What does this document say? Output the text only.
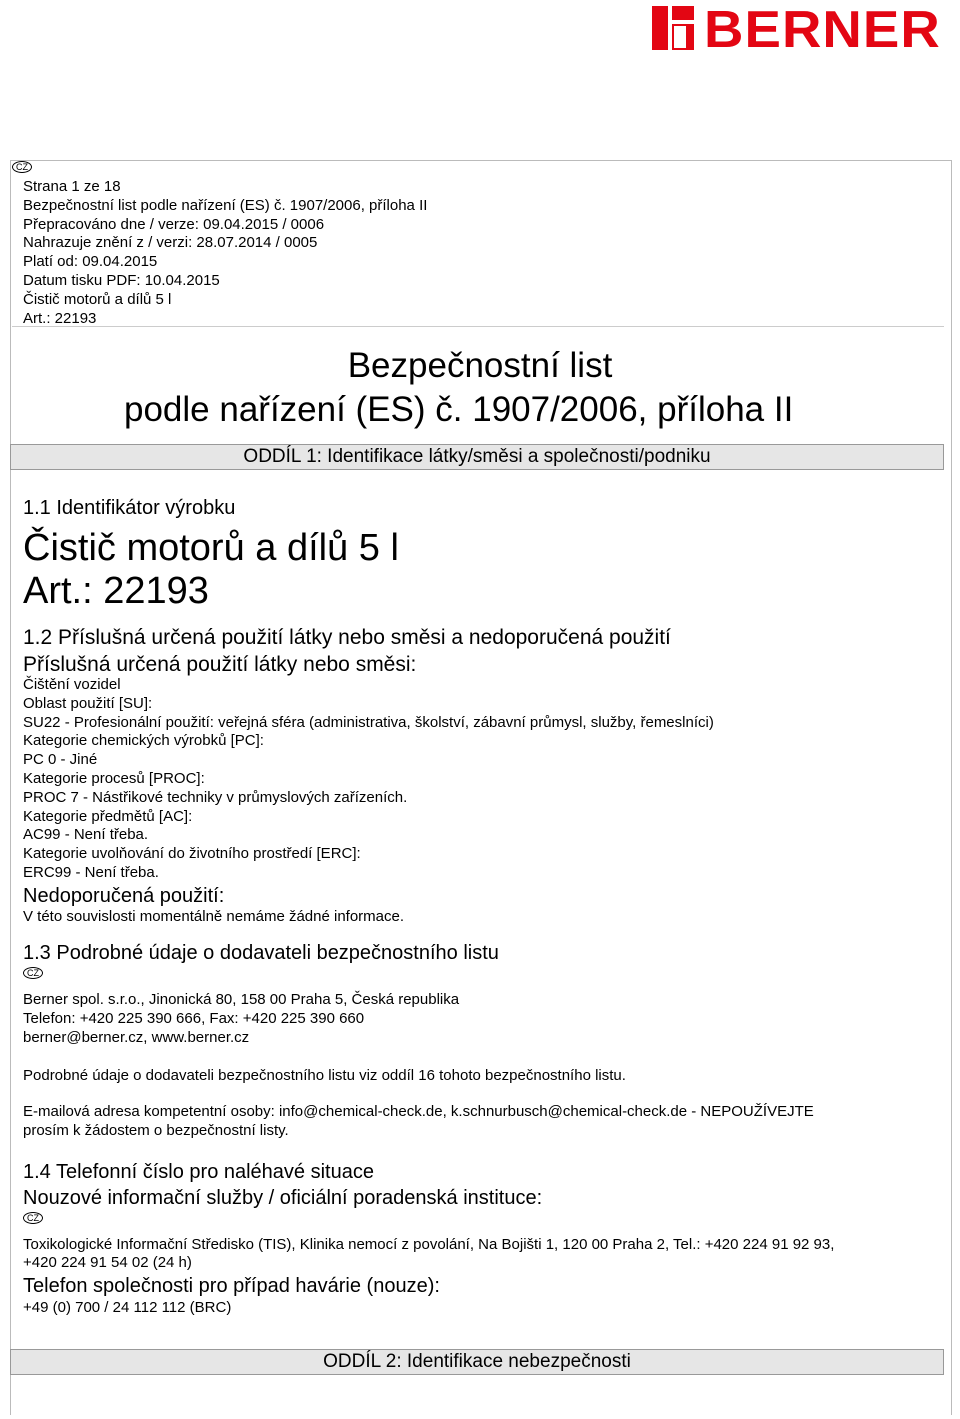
BERNER
CZ
Strana 1 ze 18
Bezpečnostní list podle nařízení (ES) č. 1907/2006, příloha II
Přepracováno dne / verze: 09.04.2015 / 0006
Nahrazuje znění z / verzi: 28.07.2014 / 0005
Platí od: 09.04.2015
Datum tisku PDF: 10.04.2015
Čistič motorů a dílů 5 l
Art.: 22193
Bezpečnostní list
podle nařízení (ES) č. 1907/2006, příloha II
ODDÍL 1: Identifikace látky/směsi a společnosti/podniku
1.1 Identifikátor výrobku
Čistič motorů a dílů 5 l
Art.: 22193
1.2 Příslušná určená použití látky nebo směsi a nedoporučená použití
Příslušná určená použití látky nebo směsi:
Čištění vozidel
Oblast použití [SU]:
SU22 - Profesionální použití: veřejná sféra (administrativa, školství, zábavní průmysl, služby, řemeslníci)
Kategorie chemických výrobků [PC]:
PC 0 - Jiné
Kategorie procesů [PROC]:
PROC 7 - Nástřikové techniky v průmyslových zařízeních.
Kategorie předmětů [AC]:
AC99 - Není třeba.
Kategorie uvolňování do životního prostředí [ERC]:
ERC99 - Není třeba.
Nedoporučená použití:
V této souvislosti momentálně nemáme žádné informace.
1.3 Podrobné údaje o dodavateli bezpečnostního listu
CZ
Berner spol. s.r.o., Jinonická 80, 158 00 Praha 5, Česká republika
Telefon: +420 225 390 666, Fax: +420 225 390 660
berner@berner.cz, www.berner.cz
Podrobné údaje o dodavateli bezpečnostního listu viz oddíl 16 tohoto bezpečnostního listu.
E-mailová adresa kompetentní osoby: info@chemical-check.de, k.schnurbusch@chemical-check.de - NEPOUŽÍVEJTE
prosím k žádostem o bezpečnostní listy.
1.4 Telefonní číslo pro naléhavé situace
Nouzové informační služby / oficiální poradenská instituce:
CZ
Toxikologické Informační Středisko (TIS), Klinika nemocí z povolání, Na Bojišti 1, 120 00 Praha 2, Tel.: +420 224 91 92 93,
+420 224 91 54 02 (24 h)
Telefon společnosti pro případ havárie (nouze):
+49 (0) 700 / 24 112 112 (BRC)
ODDÍL 2: Identifikace nebezpečnosti
